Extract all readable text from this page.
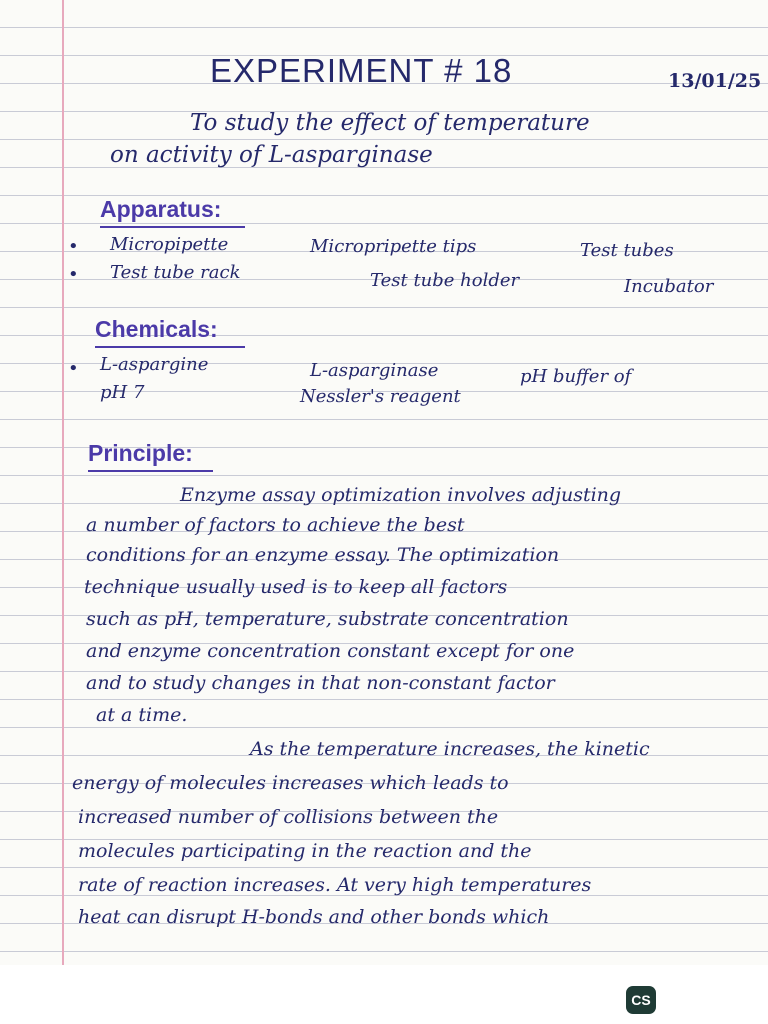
EXPERIMENT # 18	13/01/25
To study the effect of temperature
on activity of L-asparginase
Apparatus:
• Micropipette	Micropripette tips	Test tubes
• Test tube rack	Test tube holder	Incubator
Chemicals:
• L-aspargine	L-asparginase	pH buffer of
pH 7	Nessler's reagent
Principle:
Enzyme assay optimization involves adjusting
a number of factors to achieve the best
conditions for an enzyme essay. The optimization
technique usually used is to keep all factors
such as pH, temperature, substrate concentration
and enzyme concentration constant except for one
and to study changes in that non-constant factor
at a time.
As the temperature increases, the kinetic
energy of molecules increases which leads to
increased number of collisions between the
molecules participating in the reaction and the
rate of reaction increases. At very high temperatures
heat can disrupt H-bonds and other bonds which
CS
